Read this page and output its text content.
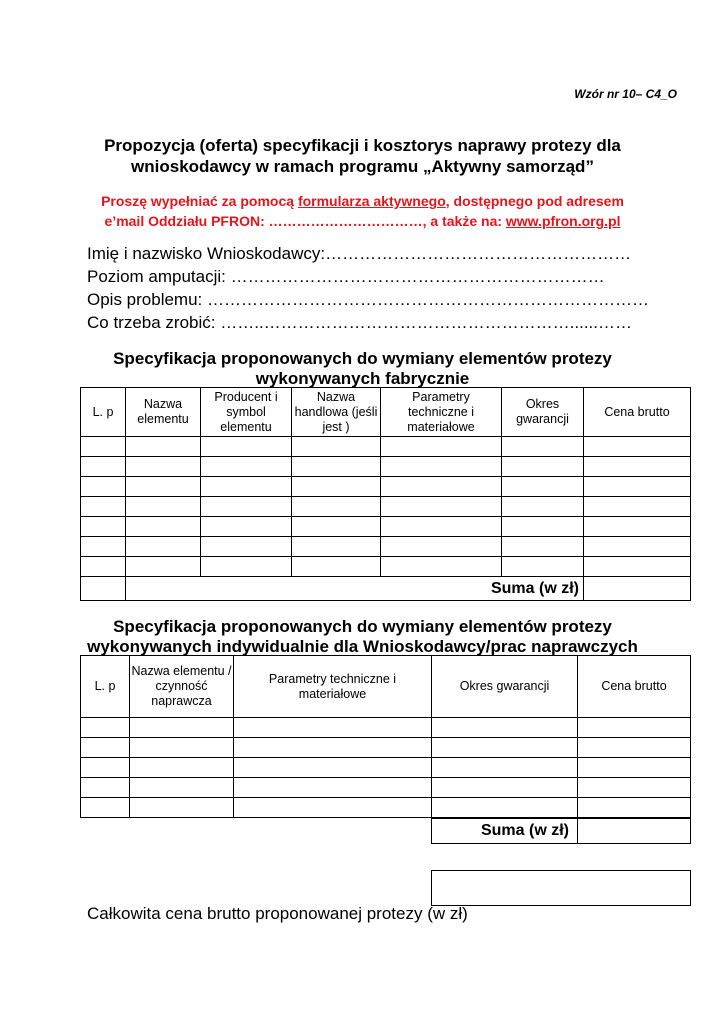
Wzór nr 10– C4_O
Propozycja (oferta) specyfikacji i kosztorys naprawy protezy dla
wnioskodawcy w ramach programu „Aktywny samorząd”
Proszę wypełniać za pomocą formularza aktywnego, dostępnego pod adresem
e’mail Oddziału PFRON: ……………………………, a także na: www.pfron.org.pl
Imię i nazwisko Wnioskodawcy:………………………………………………
Poziom amputacji: …………………………………………………………
Opis problemu: ……………………………………………………………………
Co trzeba zrobić: ……..………………………………………………......……
Specyfikacja proponowanych do wymiany elementów protezy
wykonywanych fabrycznie
L. p	Nazwa elementu	Producent i symbol elementu	Nazwa handlowa (jeśli jest )	Parametry techniczne i materiałowe	Okres gwarancji	Cena brutto

	Suma (w zł)					
Specyfikacja proponowanych do wymiany elementów protezy
wykonywanych indywidualnie dla Wnioskodawcy/prac naprawczych
L. p	Nazwa elementu / czynność naprawcza	Parametry techniczne i materiałowe	Okres gwarancji	Cena brutto

Suma (w zł)
Całkowita cena brutto proponowanej protezy (w zł)
